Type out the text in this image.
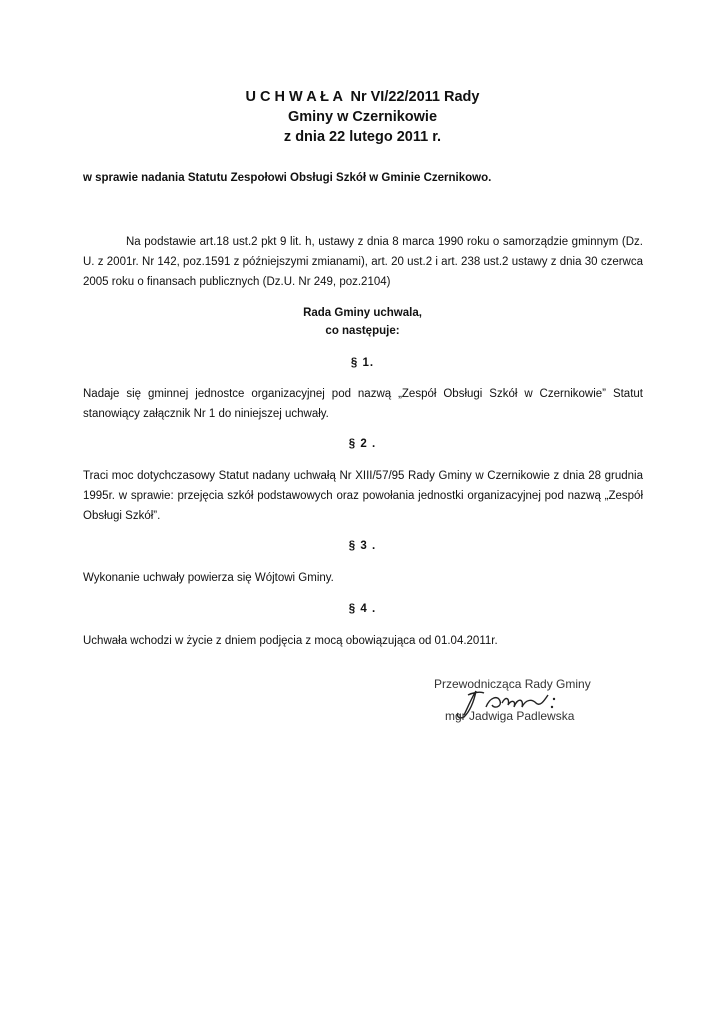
U C H W A Ł A  Nr VI/22/2011 Rady
Gminy w Czernikowie
z dnia 22 lutego 2011 r.
w sprawie nadania Statutu Zespołowi Obsługi Szkół w Gminie Czernikowo.
Na podstawie art.18 ust.2 pkt 9 lit. h, ustawy z dnia 8 marca 1990 roku o samorządzie gminnym (Dz. U. z 2001r. Nr 142, poz.1591 z późniejszymi zmianami), art. 20 ust.2 i art. 238 ust.2 ustawy z dnia 30 czerwca 2005 roku o finansach publicznych (Dz.U. Nr 249, poz.2104)
Rada Gminy uchwala,
co następuje:
§ 1.
Nadaje się gminnej jednostce organizacyjnej pod nazwą „Zespół Obsługi Szkół w Czernikowie” Statut stanowiący załącznik Nr 1 do niniejszej uchwały.
§ 2 .
Traci moc dotychczasowy Statut nadany uchwałą Nr XIII/57/95 Rady Gminy w Czernikowie z dnia 28 grudnia 1995r. w sprawie: przejęcia szkół podstawowych oraz powołania jednostki organizacyjnej pod nazwą „Zespół Obsługi Szkół”.
§ 3 .
Wykonanie uchwały powierza się Wójtowi Gminy.
§ 4 .
Uchwała wchodzi w życie z dniem podjęcia z mocą obowiązująca od 01.04.2011r.
Przewodnicząca Rady Gminy
mgr Jadwiga Padlewska
